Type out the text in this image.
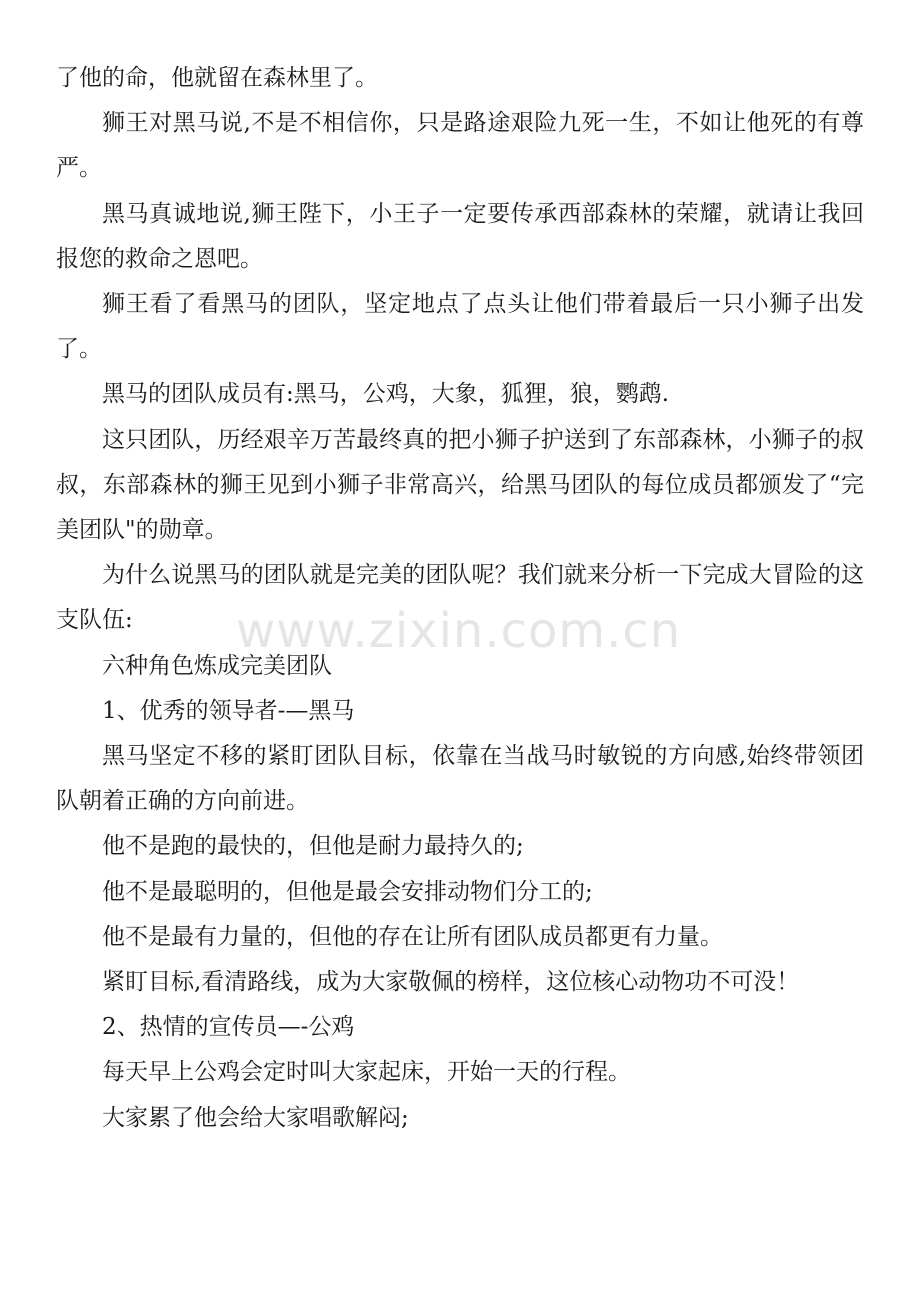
了他的命，他就留在森林里了。

狮王对黑马说,不是不相信你，只是路途艰险九死一生，不如让他死的有尊严。

黑马真诚地说,狮王陛下，小王子一定要传承西部森林的荣耀，就请让我回报您的救命之恩吧。

狮王看了看黑马的团队，坚定地点了点头让他们带着最后一只小狮子出发了。

黑马的团队成员有:黑马，公鸡，大象，狐狸，狼，鹦鹉.

这只团队，历经艰辛万苦最终真的把小狮子护送到了东部森林，小狮子的叔叔，东部森林的狮王见到小狮子非常高兴，给黑马团队的每位成员都颁发了“完美团队"的勋章。

为什么说黑马的团队就是完美的团队呢？我们就来分析一下完成大冒险的这支队伍:

六种角色炼成完美团队

1、优秀的领导者-—黑马

黑马坚定不移的紧盯团队目标，依靠在当战马时敏锐的方向感,始终带领团队朝着正确的方向前进。

他不是跑的最快的，但他是耐力最持久的;

他不是最聪明的，但他是最会安排动物们分工的;

他不是最有力量的，但他的存在让所有团队成员都更有力量。

紧盯目标,看清路线，成为大家敬佩的榜样，这位核心动物功不可没！

2、热情的宣传员—-公鸡

每天早上公鸡会定时叫大家起床，开始一天的行程。

大家累了他会给大家唱歌解闷;

www.zixin.com.cn
